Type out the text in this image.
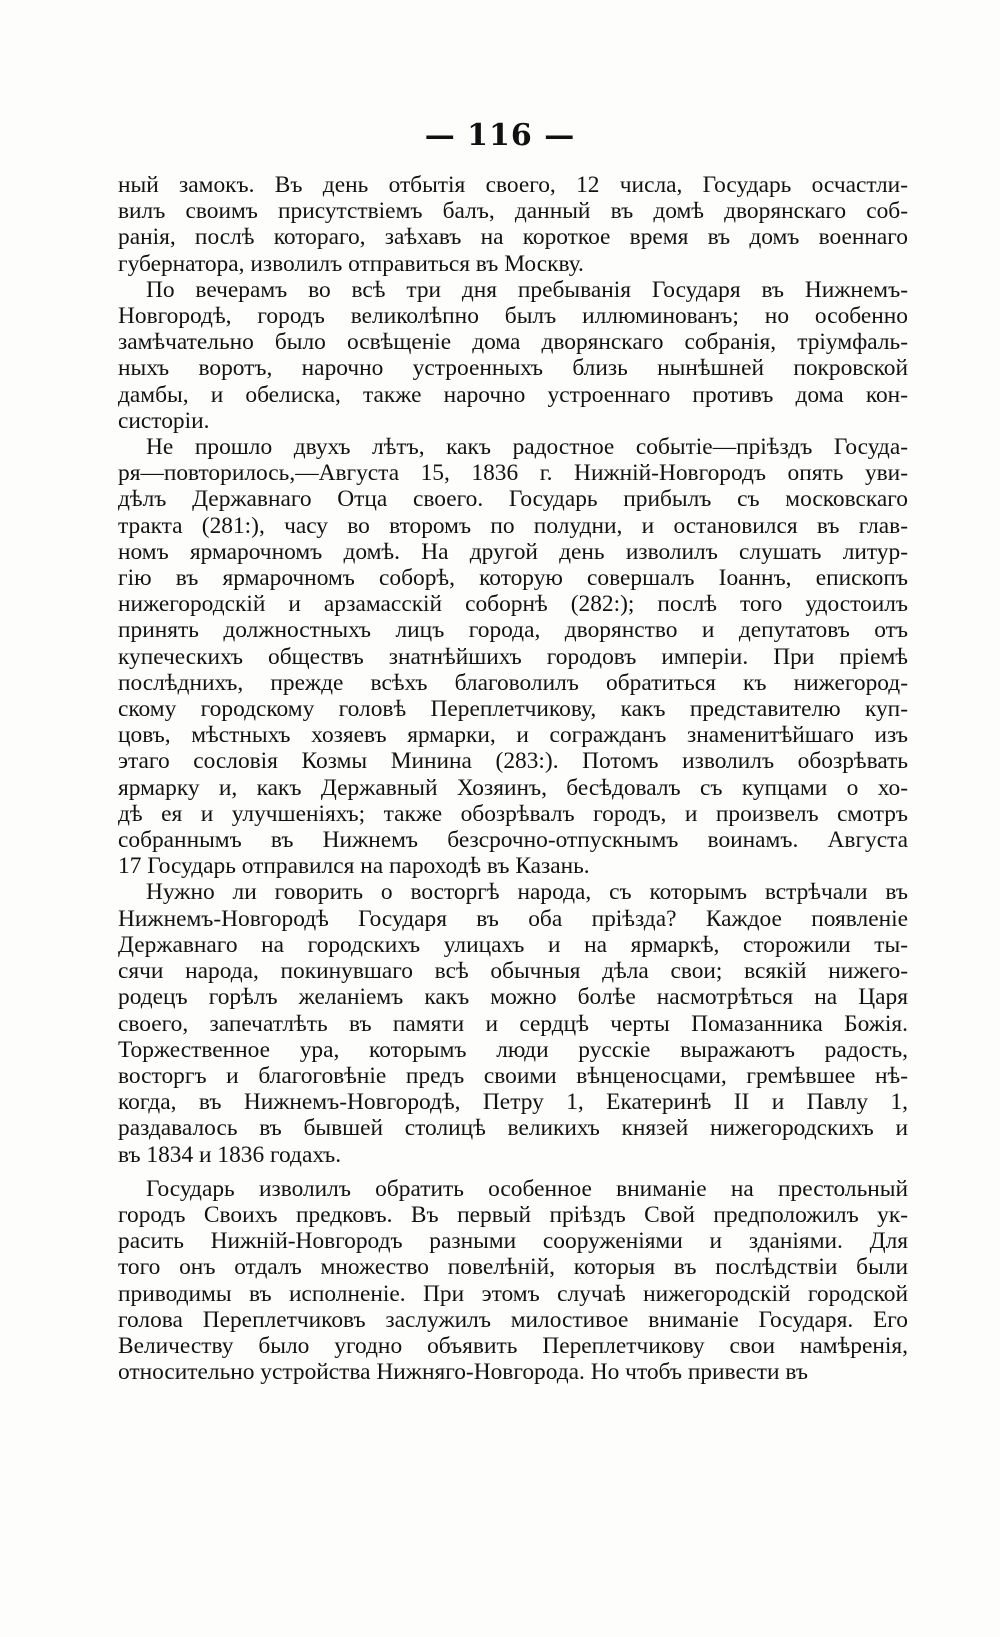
— 116 —
ный замокъ. Въ день отбытія своего, 12 числа, Государь осчастли-
вилъ своимъ присутствіемъ балъ, данный въ домѣ дворянскаго соб-
ранія, послѣ котораго, заѣхавъ на короткое время въ домъ военнаго
губернатора, изволилъ отправиться въ Москву.
По вечерамъ во всѣ три дня пребыванія Государя въ Нижнемъ-
Новгородѣ, городъ великолѣпно былъ иллюминованъ; но особенно
замѣчательно было освѣщеніе дома дворянскаго собранія, тріумфаль-
ныхъ воротъ, нарочно устроенныхъ близь нынѣшней покровской
дамбы, и обелиска, также нарочно устроеннаго противъ дома кон-
систоріи.
Не прошло двухъ лѣтъ, какъ радостное событіе—пріѣздъ Госуда-
ря—повторилось,—Августа 15, 1836 г. Нижній-Новгородъ опять уви-
дѣлъ Державнаго Отца своего. Государь прибылъ съ московскаго
тракта (281:), часу во второмъ по полудни, и остановился въ глав-
номъ ярмарочномъ домѣ. На другой день изволилъ слушать литур-
гію въ ярмарочномъ соборѣ, которую совершалъ Іоаннъ, епископъ
нижегородскій и арзамасскій соборнѣ (282:); послѣ того удостоилъ
принять должностныхъ лицъ города, дворянство и депутатовъ отъ
купеческихъ обществъ знатнѣйшихъ городовъ имперіи. При пріемѣ
послѣднихъ, прежде всѣхъ благоволилъ обратиться къ нижегород-
скому городскому головѣ Переплетчикову, какъ представителю куп-
цовъ, мѣстныхъ хозяевъ ярмарки, и согражданъ знаменитѣйшаго изъ
этаго сословія Козмы Минина (283:). Потомъ изволилъ обозрѣвать
ярмарку и, какъ Державный Хозяинъ, бесѣдовалъ съ купцами о хо-
дѣ ея и улучшеніяхъ; также обозрѣвалъ городъ, и произвелъ смотръ
собраннымъ въ Нижнемъ безсрочно-отпускнымъ воинамъ. Августа
17 Государь отправился на пароходѣ въ Казань.
Нужно ли говорить о восторгѣ народа, съ которымъ встрѣчали въ
Нижнемъ-Новгородѣ Государя въ оба пріѣзда? Каждое появленіе
Державнаго на городскихъ улицахъ и на ярмаркѣ, сторожили ты-
сячи народа, покинувшаго всѣ обычныя дѣла свои; всякій нижего-
родецъ горѣлъ желаніемъ какъ можно болѣе насмотрѣться на Царя
своего, запечатлѣть въ памяти и сердцѣ черты Помазанника Божія.
Торжественное ура, которымъ люди русскіе выражаютъ радость,
восторгъ и благоговѣніе предъ своими вѣнценосцами, гремѣвшее нѣ-
когда, въ Нижнемъ-Новгородѣ, Петру 1, Екатеринѣ II и Павлу 1,
раздавалось въ бывшей столицѣ великихъ князей нижегородскихъ и
въ 1834 и 1836 годахъ.
Государь изволилъ обратить особенное вниманіе на престольный
городъ Своихъ предковъ. Въ первый пріѣздъ Свой предположилъ ук-
расить Нижній-Новгородъ разными сооруженіями и зданіями. Для
того онъ отдалъ множество повелѣній, которыя въ послѣдствіи были
приводимы въ исполненіе. При этомъ случаѣ нижегородскій городской
голова Переплетчиковъ заслужилъ милостивое вниманіе Государя. Его
Величеству было угодно объявить Переплетчикову свои намѣренія,
относительно устройства Нижняго-Новгорода. Но чтобъ привести въ
